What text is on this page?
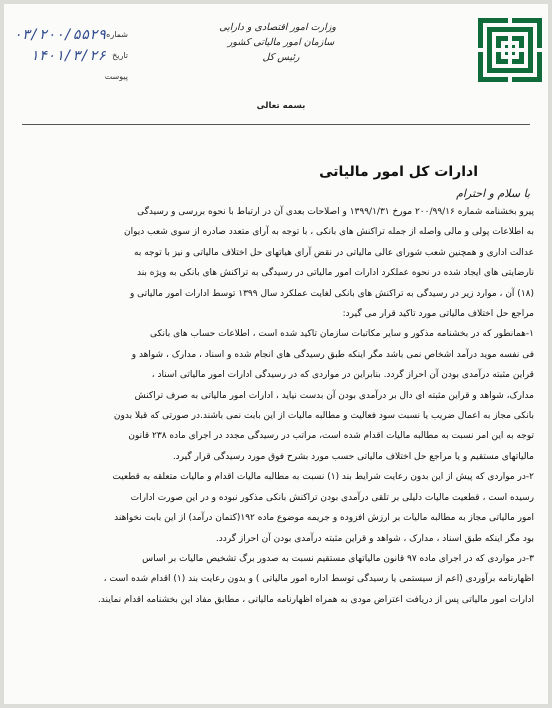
وزارت امور اقتصادی و دارایی
سازمان امور مالیاتی کشور
رئیس کل
شماره
۰۳/۲۰۰/۵۵۲۹
تاریخ
۱۴۰۱/۳/۲۶
پیوست
بسمه تعالی
ادارات کل امور مالیاتی
با سلام و احترام
پیرو بخشنامه شماره ۲۰۰/۹۹/۱۶ مورخ ۱۳۹۹/۱/۳۱ و اصلاحات بعدی آن در ارتباط با نحوه بررسی و رسیدگی
به اطلاعات پولی و مالی واصله از جمله تراکنش های بانکی ، با توجه به آرای متعدد صادره از سوی شعب دیوان
عدالت اداری و همچنین شعب شورای عالی مالیاتی در نقض آرای هیاتهای حل اختلاف مالیاتی و نیز با توجه به
نارضایتی های ایجاد شده در نحوه عملکرد ادارات امور مالیاتی در رسیدگی به تراکنش های بانکی به ویژه بند
(۱۸) آن ، موارد زیر در رسیدگی به تراکنش های بانکی لغایت عملکرد سال ۱۳۹۹ توسط ادارات امور مالیاتی و
مراجع حل اختلاف مالیاتی مورد تاکید قرار می گیرد:
۱-همانطور که در بخشنامه مذکور و سایر مکاتبات سازمان تاکید شده است ، اطلاعات حساب های بانکی
فی نفسه موید درآمد اشخاص نمی باشد مگر اینکه طبق رسیدگی های انجام شده و اسناد ، مدارک ، شواهد و
قراین مثبته درآمدی بودن آن احراز گردد. بنابراین در مواردی که در رسیدگی ادارات امور مالیاتی اسناد ،
مدارک، شواهد و قراین مثبته ای دال بر درآمدی بودن آن بدست نیاید ، ادارات امور مالیاتی به صرف تراکنش
بانکی مجاز به اعمال ضریب یا نسبت سود فعالیت و مطالبه مالیات از این بابت نمی باشند.در صورتی که قبلا بدون
توجه به این امر نسبت به مطالبه مالیات اقدام شده است، مراتب در رسیدگی مجدد در اجرای ماده ۲۳۸ قانون
مالیاتهای مستقیم و یا مراجع حل اختلاف مالیاتی حسب مورد بشرح فوق مورد رسیدگی قرار گیرد.
۲-در مواردی که پیش از این بدون رعایت شرایط بند (۱) نسبت به مطالبه مالیات اقدام و مالیات متعلقه به قطعیت
رسیده است ، قطعیت مالیات دلیلی بر تلقی درآمدی بودن تراکنش بانکی مذکور نبوده و در این صورت ادارات
امور مالیاتی مجاز به مطالبه مالیات بر ارزش افزوده و جریمه موضوع ماده ۱۹۲(کتمان درآمد) از این بابت نخواهند
بود مگر اینکه طبق اسناد ، مدارک ، شواهد و قراین مثبته درآمدی بودن آن احراز گردد.
۳-در مواردی که در اجرای ماده ۹۷ قانون مالیاتهای مستقیم نسبت به صدور برگ تشخیص مالیات بر اساس
اظهارنامه برآوردی (اعم از سیستمی یا رسیدگی توسط اداره امور مالیاتی ) و بدون رعایت بند (۱) اقدام شده است ،
ادارات امور مالیاتی پس از دریافت اعتراض مودی به همراه اظهارنامه مالیاتی ، مطابق مفاد این بخشنامه اقدام نمایند.
